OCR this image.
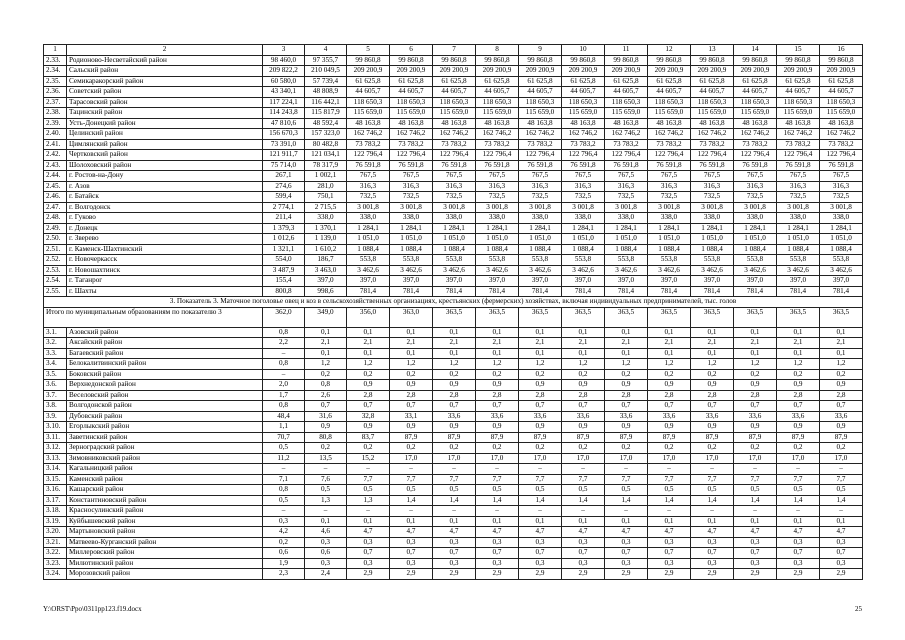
1	2	3	4	5	6	7	8	9	10	11	12	13	14	15	16
2.33.	Родионово-Несветайский район	98 460,0	97 355,7	99 860,8	99 860,8	99 860,8	99 860,8	99 860,8	99 860,8	99 860,8	99 860,8	99 860,8	99 860,8	99 860,8	99 860,8
2.34.	Сальский район	209 822,2	210 049,5	209 200,9	209 200,9	209 200,9	209 200,9	209 200,9	209 200,9	209 200,9	209 200,9	209 200,9	209 200,9	209 200,9	209 200,9
2.35.	Семикаракорский район	60 580,0	57 739,4	61 625,8	61 625,8	61 625,8	61 625,8	61 625,8	61 625,8	61 625,8	61 625,8	61 625,8	61 625,8	61 625,8	61 625,8
2.36.	Советский район	43 340,1	48 808,9	44 605,7	44 605,7	44 605,7	44 605,7	44 605,7	44 605,7	44 605,7	44 605,7	44 605,7	44 605,7	44 605,7	44 605,7
2.37.	Тарасовский район	117 224,1	116 442,1	118 650,3	118 650,3	118 650,3	118 650,3	118 650,3	118 650,3	118 650,3	118 650,3	118 650,3	118 650,3	118 650,3	118 650,3
2.38.	Тацинский район	114 243,8	115 817,9	115 659,0	115 659,0	115 659,0	115 659,0	115 659,0	115 659,0	115 659,0	115 659,0	115 659,0	115 659,0	115 659,0	115 659,0
2.39.	Усть-Донецкий район	47 810,6	48 592,4	48 163,8	48 163,8	48 163,8	48 163,8	48 163,8	48 163,8	48 163,8	48 163,8	48 163,8	48 163,8	48 163,8	48 163,8
2.40.	Целинский район	156 670,3	157 323,0	162 746,2	162 746,2	162 746,2	162 746,2	162 746,2	162 746,2	162 746,2	162 746,2	162 746,2	162 746,2	162 746,2	162 746,2
2.41.	Цимлянский район	73 391,0	80 482,8	73 783,2	73 783,2	73 783,2	73 783,2	73 783,2	73 783,2	73 783,2	73 783,2	73 783,2	73 783,2	73 783,2	73 783,2
2.42.	Чертковский район	121 911,7	121 034,1	122 796,4	122 796,4	122 796,4	122 796,4	122 796,4	122 796,4	122 796,4	122 796,4	122 796,4	122 796,4	122 796,4	122 796,4
2.43.	Шолоховский район	75 714,0	78 317,9	76 591,8	76 591,8	76 591,8	76 591,8	76 591,8	76 591,8	76 591,8	76 591,8	76 591,8	76 591,8	76 591,8	76 591,8
2.44.	г. Ростов-на-Дону	267,1	1 002,1	767,5	767,5	767,5	767,5	767,5	767,5	767,5	767,5	767,5	767,5	767,5	767,5
2.45.	г. Азов	274,6	281,0	316,3	316,3	316,3	316,3	316,3	316,3	316,3	316,3	316,3	316,3	316,3	316,3
2.46.	г. Батайск	599,4	750,1	732,5	732,5	732,5	732,5	732,5	732,5	732,5	732,5	732,5	732,5	732,5	732,5
2.47.	г. Волгодонск	2 774,1	2 715,5	3 001,8	3 001,8	3 001,8	3 001,8	3 001,8	3 001,8	3 001,8	3 001,8	3 001,8	3 001,8	3 001,8	3 001,8
2.48.	г. Гуково	211,4	338,0	338,0	338,0	338,0	338,0	338,0	338,0	338,0	338,0	338,0	338,0	338,0	338,0
2.49.	г. Донецк	1 379,3	1 370,1	1 284,1	1 284,1	1 284,1	1 284,1	1 284,1	1 284,1	1 284,1	1 284,1	1 284,1	1 284,1	1 284,1	1 284,1
2.50.	г. Зверево	1 012,6	1 139,0	1 051,0	1 051,0	1 051,0	1 051,0	1 051,0	1 051,0	1 051,0	1 051,0	1 051,0	1 051,0	1 051,0	1 051,0
2.51.	г. Каменск-Шахтинский	1 321,1	1 610,2	1 088,4	1 088,4	1 088,4	1 088,4	1 088,4	1 088,4	1 088,4	1 088,4	1 088,4	1 088,4	1 088,4	1 088,4
2.52.	г. Новочеркасск	554,0	186,7	553,8	553,8	553,8	553,8	553,8	553,8	553,8	553,8	553,8	553,8	553,8	553,8
2.53.	г. Новошахтинск	3 487,9	3 463,0	3 462,6	3 462,6	3 462,6	3 462,6	3 462,6	3 462,6	3 462,6	3 462,6	3 462,6	3 462,6	3 462,6	3 462,6
2.54.	г. Таганрог	155,4	397,0	397,0	397,0	397,0	397,0	397,0	397,0	397,0	397,0	397,0	397,0	397,0	397,0
2.55.	г. Шахты	800,8	998,6	781,4	781,4	781,4	781,4	781,4	781,4	781,4	781,4	781,4	781,4	781,4	781,4
3. Показатель 3. Маточное поголовье овец и коз в сельскохозяйственных организациях, крестьянских (фермерских) хозяйствах, включая индивидуальных предпринимателей, тыс. голов															
Итого по муниципальным образованиям по показателю 3		362,0	349,0	356,0	363,0	363,5	363,5	363,5	363,5	363,5	363,5	363,5	363,5	363,5	363,5
3.1.	Азовский район	0,8	0,1	0,1	0,1	0,1	0,1	0,1	0,1	0,1	0,1	0,1	0,1	0,1	0,1
3.2.	Аксайский район	2,2	2,1	2,1	2,1	2,1	2,1	2,1	2,1	2,1	2,1	2,1	2,1	2,1	2,1
3.3.	Багаевский район	–	0,1	0,1	0,1	0,1	0,1	0,1	0,1	0,1	0,1	0,1	0,1	0,1	0,1
3.4.	Белокалитвинский район	0,8	1,2	1,2	1,2	1,2	1,2	1,2	1,2	1,2	1,2	1,2	1,2	1,2	1,2
3.5.	Боковский район	–	0,2	0,2	0,2	0,2	0,2	0,2	0,2	0,2	0,2	0,2	0,2	0,2	0,2
3.6.	Верхнедонской район	2,0	0,8	0,9	0,9	0,9	0,9	0,9	0,9	0,9	0,9	0,9	0,9	0,9	0,9
3.7.	Веселовский район	1,7	2,6	2,8	2,8	2,8	2,8	2,8	2,8	2,8	2,8	2,8	2,8	2,8	2,8
3.8.	Волгодонской район	0,8	0,7	0,7	0,7	0,7	0,7	0,7	0,7	0,7	0,7	0,7	0,7	0,7	0,7
3.9.	Дубовский район	48,4	31,6	32,8	33,1	33,6	33,6	33,6	33,6	33,6	33,6	33,6	33,6	33,6	33,6
3.10.	Егорлыкский район	1,1	0,9	0,9	0,9	0,9	0,9	0,9	0,9	0,9	0,9	0,9	0,9	0,9	0,9
3.11.	Заветинский район	70,7	80,8	83,7	87,9	87,9	87,9	87,9	87,9	87,9	87,9	87,9	87,9	87,9	87,9
3.12.	Зерноградский район	0,5	0,2	0,2	0,2	0,2	0,2	0,2	0,2	0,2	0,2	0,2	0,2	0,2	0,2
3.13.	Зимовниковский район	11,2	13,5	15,2	17,0	17,0	17,0	17,0	17,0	17,0	17,0	17,0	17,0	17,0	17,0
3.14.	Кагальницкий район	–	–	–	–	–	–	–	–	–	–	–	–	–	–
3.15.	Каменский район	7,1	7,6	7,7	7,7	7,7	7,7	7,7	7,7	7,7	7,7	7,7	7,7	7,7	7,7
3.16.	Кашарский район	0,8	0,5	0,5	0,5	0,5	0,5	0,5	0,5	0,5	0,5	0,5	0,5	0,5	0,5
3.17.	Константиновский район	0,5	1,3	1,3	1,4	1,4	1,4	1,4	1,4	1,4	1,4	1,4	1,4	1,4	1,4
3.18.	Красносулинский район	–	–	–	–	–	–	–	–	–	–	–	–	–	–
3.19.	Куйбышевский район	0,3	0,1	0,1	0,1	0,1	0,1	0,1	0,1	0,1	0,1	0,1	0,1	0,1	0,1
3.20.	Мартыновский район	4,2	4,6	4,7	4,7	4,7	4,7	4,7	4,7	4,7	4,7	4,7	4,7	4,7	4,7
3.21.	Матвеево-Курганский район	0,2	0,3	0,3	0,3	0,3	0,3	0,3	0,3	0,3	0,3	0,3	0,3	0,3	0,3
3.22.	Миллеровский район	0,6	0,6	0,7	0,7	0,7	0,7	0,7	0,7	0,7	0,7	0,7	0,7	0,7	0,7
3.23.	Милютинский район	1,9	0,3	0,3	0,3	0,3	0,3	0,3	0,3	0,3	0,3	0,3	0,3	0,3	0,3
3.24.	Морозовский район	2,3	2,4	2,9	2,9	2,9	2,9	2,9	2,9	2,9	2,9	2,9	2,9	2,9	2,9
Y:\ORST\Ppo\0311pp123.f19.docx	25
